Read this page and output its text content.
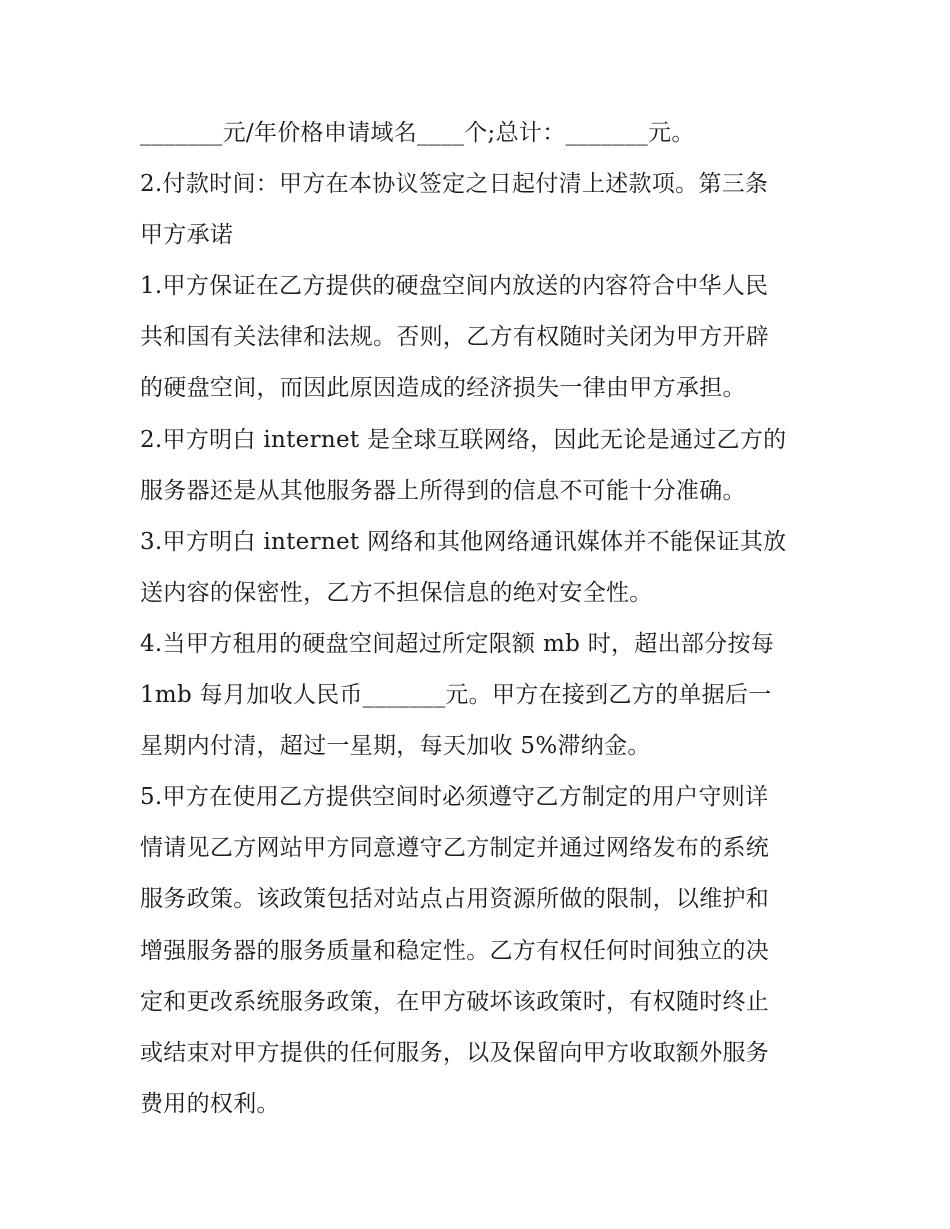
_______元/年价格申请域名____个;总计：_______元。
2.付款时间：甲方在本协议签定之日起付清上述款项。第三条
甲方承诺
1.甲方保证在乙方提供的硬盘空间内放送的内容符合中华人民
共和国有关法律和法规。否则，乙方有权随时关闭为甲方开辟
的硬盘空间，而因此原因造成的经济损失一律由甲方承担。
2.甲方明白 internet 是全球互联网络，因此无论是通过乙方的
服务器还是从其他服务器上所得到的信息不可能十分准确。
3.甲方明白 internet 网络和其他网络通讯媒体并不能保证其放
送内容的保密性，乙方不担保信息的绝对安全性。
4.当甲方租用的硬盘空间超过所定限额 mb 时，超出部分按每
1mb 每月加收人民币_______元。甲方在接到乙方的单据后一
星期内付清，超过一星期，每天加收 5%滞纳金。
5.甲方在使用乙方提供空间时必须遵守乙方制定的用户守则详
情请见乙方网站甲方同意遵守乙方制定并通过网络发布的系统
服务政策。该政策包括对站点占用资源所做的限制，以维护和
增强服务器的服务质量和稳定性。乙方有权任何时间独立的决
定和更改系统服务政策，在甲方破坏该政策时，有权随时终止
或结束对甲方提供的任何服务，以及保留向甲方收取额外服务
费用的权利。
